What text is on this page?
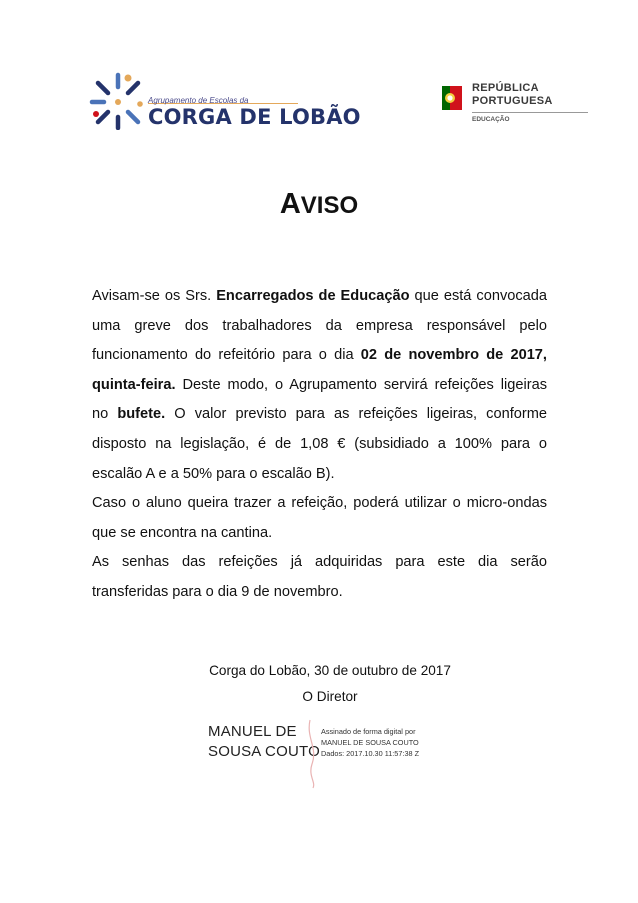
Agrupamento de Escolas da
CORGA DE LOBÃO
REPÚBLICA
PORTUGUESA
EDUCAÇÃO
AVISO

Avisam-se os Srs. Encarregados de Educação que está convocada uma greve dos trabalhadores da empresa responsável pelo funcionamento do refeitório para o dia 02 de novembro de 2017, quinta-feira. Deste modo, o Agrupamento servirá refeições ligeiras no bufete. O valor previsto para as refeições ligeiras, conforme disposto na legislação, é de 1,08 € (subsidiado a 100% para o escalão A e a 50% para o escalão B).

Caso o aluno queira trazer a refeição, poderá utilizar o micro-ondas que se encontra na cantina.

As senhas das refeições já adquiridas para este dia serão transferidas para o dia 9 de novembro.

Corga do Lobão, 30 de outubro de 2017
O Diretor
MANUEL DE
SOUSA COUTO
Assinado de forma digital por
MANUEL DE SOUSA COUTO
Dados: 2017.10.30 11:57:38 Z
